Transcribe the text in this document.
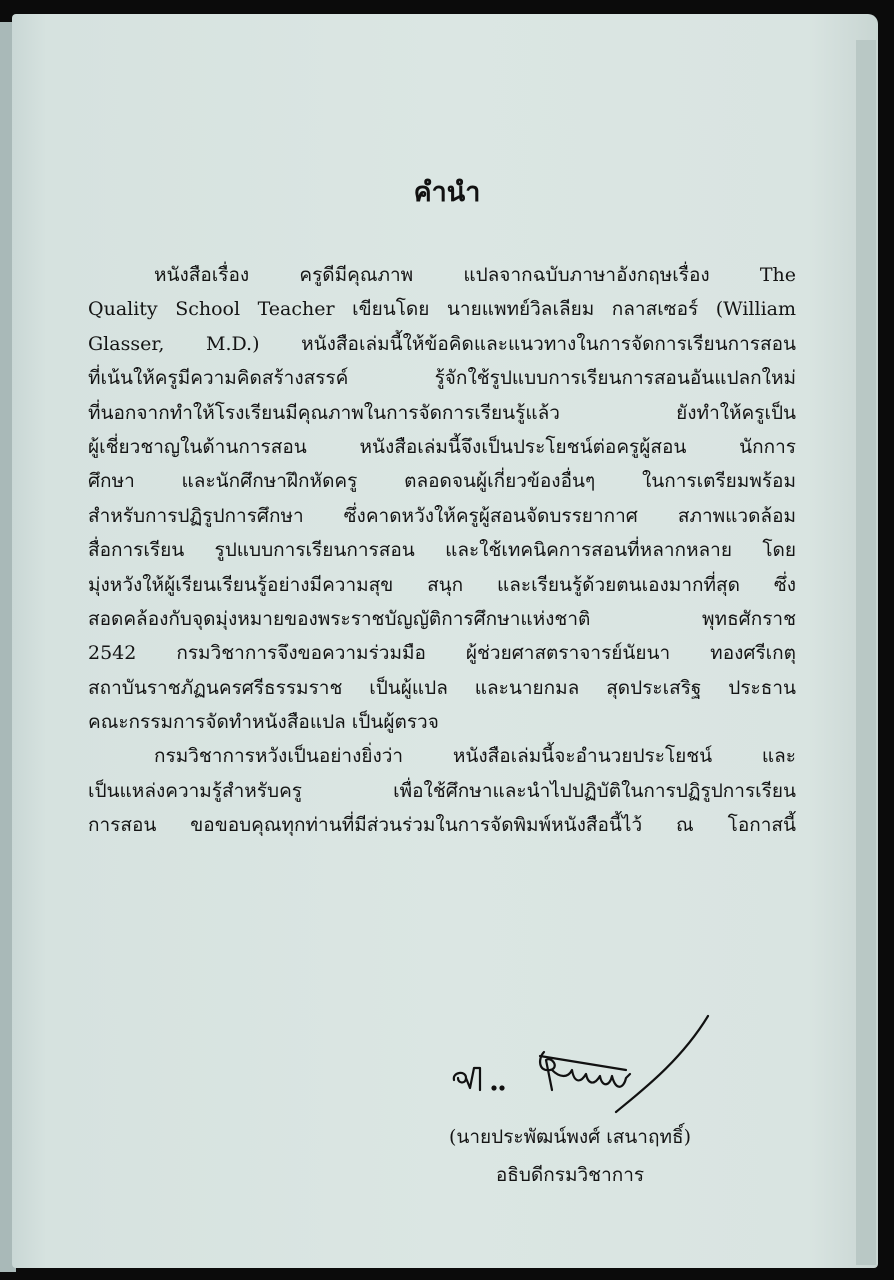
คำนำ
หนังสือเรื่อง ครูดีมีคุณภาพ แปลจากฉบับภาษาอังกฤษเรื่อง The
Quality School Teacher เขียนโดย นายแพทย์วิลเลียม กลาสเซอร์ (William
Glasser, M.D.) หนังสือเล่มนี้ให้ข้อคิดและแนวทางในการจัดการเรียนการสอน
ที่เน้นให้ครูมีความคิดสร้างสรรค์ รู้จักใช้รูปแบบการเรียนการสอนอันแปลกใหม่
ที่นอกจากทำให้โรงเรียนมีคุณภาพในการจัดการเรียนรู้แล้ว ยังทำให้ครูเป็น
ผู้เชี่ยวชาญในด้านการสอน หนังสือเล่มนี้จึงเป็นประโยชน์ต่อครูผู้สอน นักการ
ศึกษา และนักศึกษาฝึกหัดครู ตลอดจนผู้เกี่ยวข้องอื่นๆ ในการเตรียมพร้อม
สำหรับการปฏิรูปการศึกษา ซึ่งคาดหวังให้ครูผู้สอนจัดบรรยากาศ สภาพแวดล้อม
สื่อการเรียน รูปแบบการเรียนการสอน และใช้เทคนิคการสอนที่หลากหลาย โดย
มุ่งหวังให้ผู้เรียนเรียนรู้อย่างมีความสุข สนุก และเรียนรู้ด้วยตนเองมากที่สุด ซึ่ง
สอดคล้องกับจุดมุ่งหมายของพระราชบัญญัติการศึกษาแห่งชาติ พุทธศักราช
2542 กรมวิชาการจึงขอความร่วมมือ ผู้ช่วยศาสตราจารย์นัยนา ทองศรีเกตุ
สถาบันราชภัฏนครศรีธรรมราช เป็นผู้แปล และนายกมล สุดประเสริฐ ประธาน
คณะกรรมการจัดทำหนังสือแปล เป็นผู้ตรวจ
กรมวิชาการหวังเป็นอย่างยิ่งว่า หนังสือเล่มนี้จะอำนวยประโยชน์ และ
เป็นแหล่งความรู้สำหรับครู เพื่อใช้ศึกษาและนำไปปฏิบัติในการปฏิรูปการเรียน
การสอน ขอขอบคุณทุกท่านที่มีส่วนร่วมในการจัดพิมพ์หนังสือนี้ไว้ ณ โอกาสนี้
(นายประพัฒน์พงศ์ เสนาฤทธิ์)
อธิบดีกรมวิชาการ
